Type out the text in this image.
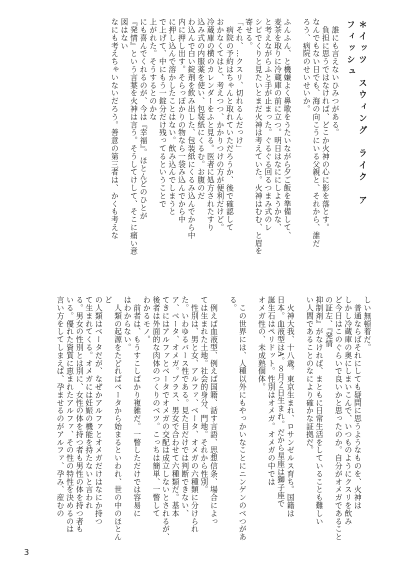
＊イッツ　スウィング　ライク　ア　フィッシュ

　誰にも言えないひみつがある。
　負担に思うではなければ、どこか火神の心に影を落とす。
なんでもない日でも、海の向こうにいる父親と、それから、誰だ
ろう、病院のせいせいか。

ふんふん、と機嫌よく鼻歌をうたいながら夕ご飯を準備して、
麦茶を取りに冷蔵庫の前に立つ。明日はなににしようかな、
と考えながらふと手が止まった。ぐるぐる回るつまみ式のレ
シピでくりと見たいとまだ火神は考えていた。火神はむむ、と眉を
寄せる。
「それ、…クスリ、切れるんだっけ」
　病院の予約はちゃんと取れていただろうか、後で確認して
おかなくてはと、考えつつ、かかりつけの方が便利だけど。
冷蔵庫の横のカレンダーをふと見る。医者に処方されたすり
込み式の内服薬を使い、包装紙にくるむ。お腹のだ
わ込んで白い錠剤を飲み出した、包装紙にくるみ込んでから中
内に押し出す。そらっぽかりの物なら一袋み込んでから中
に押し込んで溶かしたことはない。飲み込んでしまうと
で上げて、中にもう一錠分だけ残ってるということで
上がれた。そうするとのかな
にも喜んでくれるのが、今は『幸福』。ほとんどのひとが
『発情』という言葉を火神は言う。そうしてけして、そこに痛い意図はない
なにも考えちゃいないだろう。善意の第三者は、かくも考えな

しい無頓着だ。
　普通ならばそれにしても疑問に思うようなものを、火神は
しかし冷蔵庫の奥にしまいこんで、いつものようにクスリを飲み
ど今日はこのぐらいで良いかと思ったのか。自分がオメガであることの証左、『発情
抑制剤』がなければ、まともに日常生活をしていることも難しい
い人間であることのなにより確かな証拠だ。

　火神大我、十八歳。東京生まれ、ロサンゼルス育ち。国籍は
日本。血液型はA。８月２日生まれ。だから星座は獅子座で
誕生石はペリドット。性別はオメガ。オメガの中では
オメガ性の、未成熟個体。

　この世界には、人種以外にもやっかいなことにニンゲンのべつがあ
る。

　例えば血液型、例えば国籍、話す言語、思想信条、場合によっ
ては生まれた土地。社会的身分、門地。それから性別。
　性別は、男と女、アルファ、ベータ、オメガの六種類に分けられ
た。いわゆるバース性である。見た目だけでは判断できない、
ア、ベータ、オメガ。プラス、男女で合わせて六種類だ。基本
てきにはアルファとベータでオメガの交配は成立しないとされるが、
後者は外面的な肉体のつくりのベツ。こっちは簡単、一瞥して
わかるモノ。
　前者は、もうすこしばかり複雑だ。一瞥しただけでは容易に
はわからない。
　人類の起源をたどればベータから始まるといわれ、世の中のほとんど
の人類はベータだが、なぜかアルファとオメガだけはなにか持つ
て生まれてくる。オメガには妊娠の機能を持たないと言われ
る。男女の性別とは別に、女性の体を持つ者も男性の体を持つ者も
いる。優れた資質に恵まれたアルファ、その性の特性を決めるのは
言い方をしてしまえば、孕ませるのがアルファ、孕み、産むの

3
